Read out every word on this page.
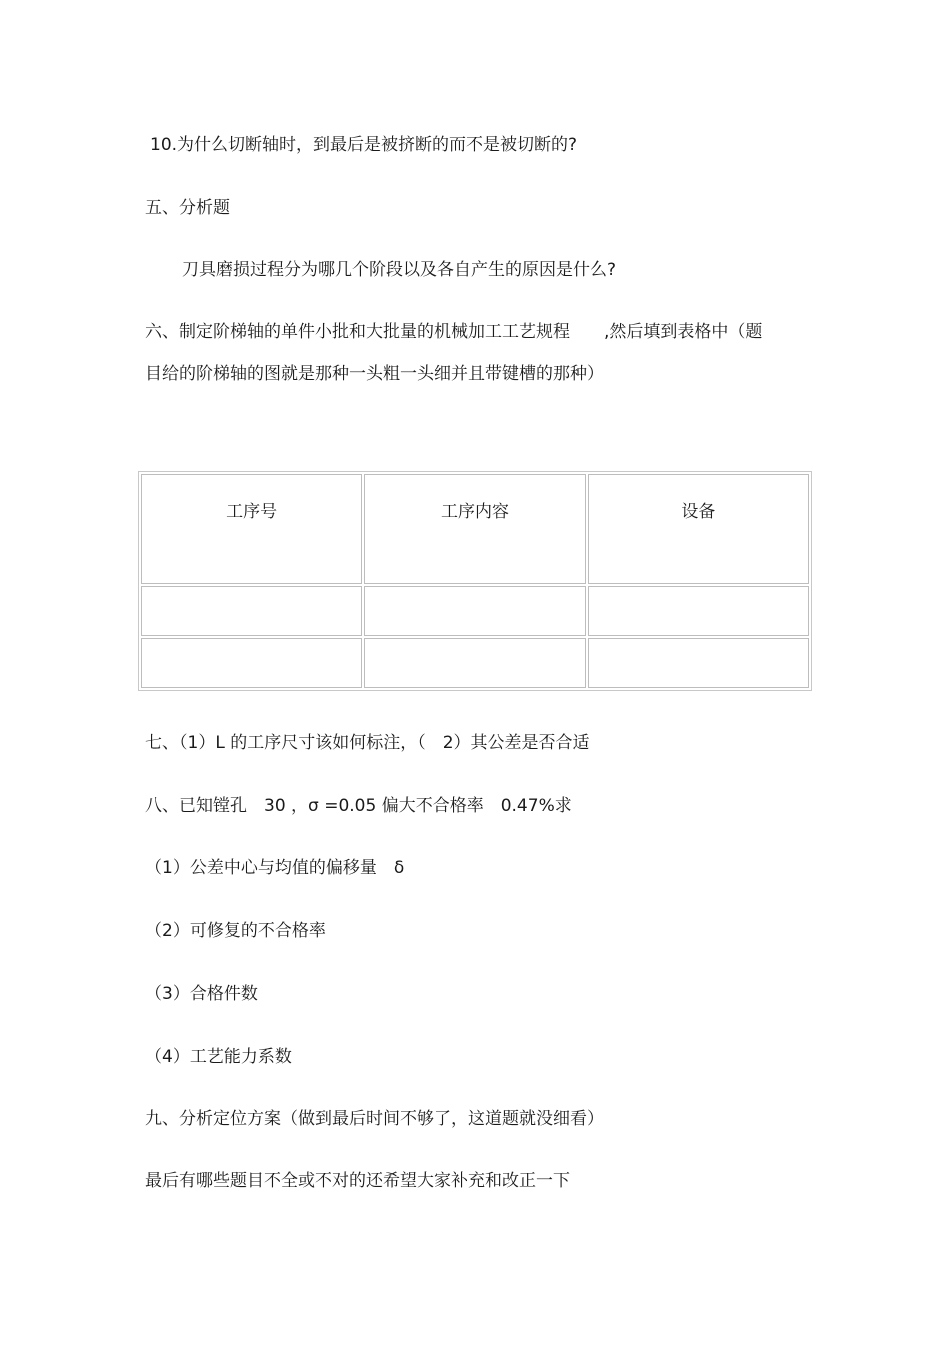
10.为什么切断轴时，到最后是被挤断的而不是被切断的?
五、分析题
刀具磨损过程分为哪几个阶段以及各自产生的原因是什么?
六、制定阶梯轴的单件小批和大批量的机械加工工艺规程　　,然后填到表格中（题
目给的阶梯轴的图就是那种一头粗一头细并且带键槽的那种）
工序号	工序内容	设备

七、（1）L 的工序尺寸该如何标注，（　2）其公差是否合适
八、已知镗孔　30 ，σ =0.05 偏大不合格率　0.47%求
（1）公差中心与均值的偏移量　δ
（2）可修复的不合格率
（3）合格件数
（4）工艺能力系数
九、分析定位方案（做到最后时间不够了，这道题就没细看）
最后有哪些题目不全或不对的还希望大家补充和改正一下
